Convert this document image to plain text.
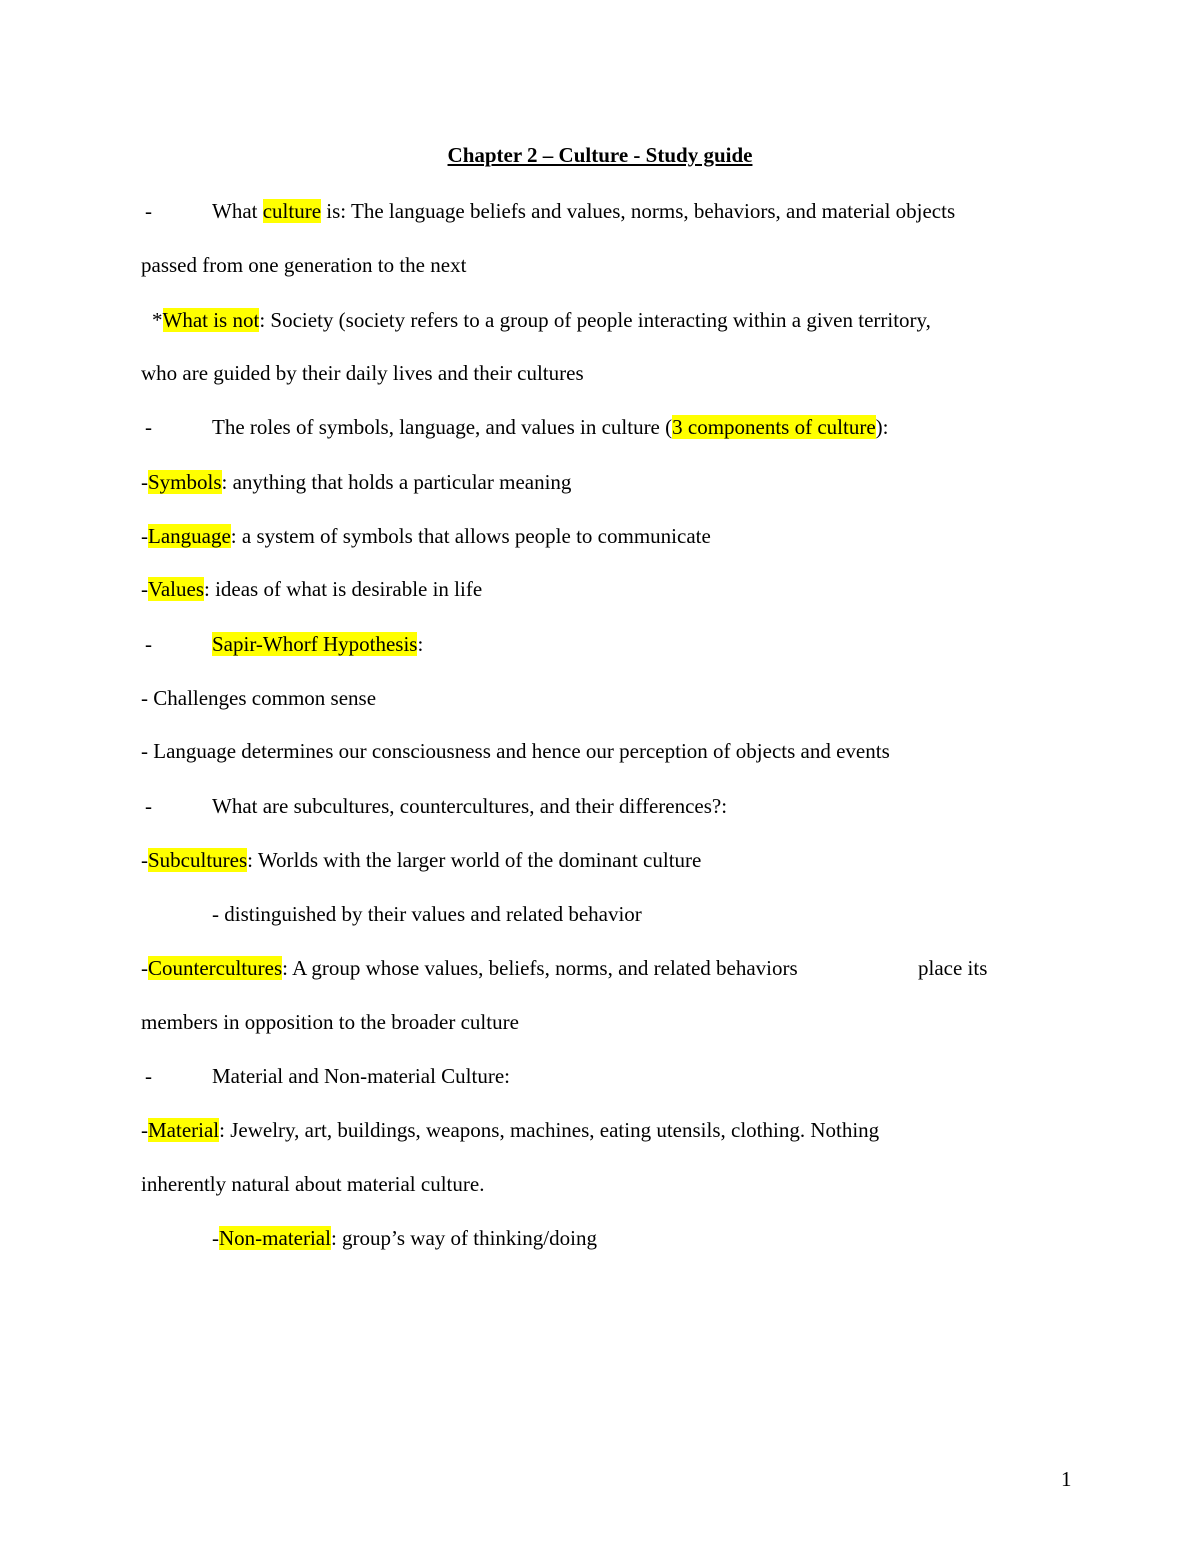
Chapter 2 – Culture - Study guide
-	What culture is: The language beliefs and values, norms, behaviors, and material objects
passed from one generation to the next
*What is not: Society (society refers to a group of people interacting within a given territory,
who are guided by their daily lives and their cultures
-	The roles of symbols, language, and values in culture (3 components of culture):
-Symbols: anything that holds a particular meaning
-Language: a system of symbols that allows people to communicate
-Values: ideas of what is desirable in life
-	Sapir-Whorf Hypothesis:
- Challenges common sense
- Language determines our consciousness and hence our perception of objects and events
-	What are subcultures, countercultures, and their differences?:
-Subcultures: Worlds with the larger world of the dominant culture
- distinguished by their values and related behavior
-Countercultures: A group whose values, beliefs, norms, and related behaviors	place its
members in opposition to the broader culture
-	Material and Non-material Culture:
-Material: Jewelry, art, buildings, weapons, machines, eating utensils, clothing. Nothing
inherently natural about material culture.
-Non-material: group’s way of thinking/doing
1
